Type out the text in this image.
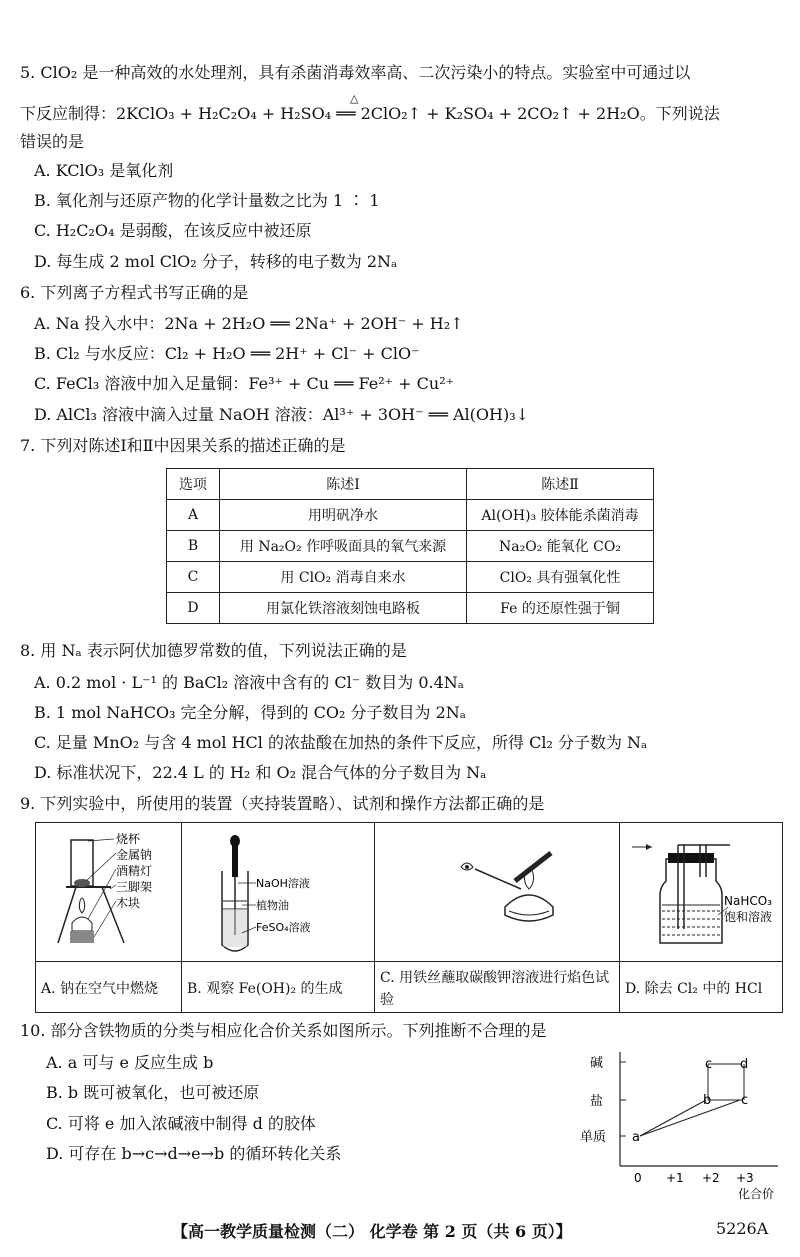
5. ClO₂ 是一种高效的水处理剂，具有杀菌消毒效率高、二次污染小的特点。实验室中可通过以
下反应制得：2KClO₃ + H₂C₂O₄ + H₂SO₄ ══ 2ClO₂↑ + K₂SO₄ + 2CO₂↑ + 2H₂O。下列说法
△
错误的是
A. KClO₃ 是氧化剂
B. 氧化剂与还原产物的化学计量数之比为 1 ∶ 1
C. H₂C₂O₄ 是弱酸，在该反应中被还原
D. 每生成 2 mol ClO₂ 分子，转移的电子数为 2Nₐ
6. 下列离子方程式书写正确的是
A. Na 投入水中：2Na + 2H₂O ══ 2Na⁺ + 2OH⁻ + H₂↑
B. Cl₂ 与水反应：Cl₂ + H₂O ══ 2H⁺ + Cl⁻ + ClO⁻
C. FeCl₃ 溶液中加入足量铜：Fe³⁺ + Cu ══ Fe²⁺ + Cu²⁺
D. AlCl₃ 溶液中滴入过量 NaOH 溶液：Al³⁺ + 3OH⁻ ══ Al(OH)₃↓
7. 下列对陈述Ⅰ和Ⅱ中因果关系的描述正确的是
选项	陈述Ⅰ	陈述Ⅱ
A	用明矾净水	Al(OH)₃ 胶体能杀菌消毒
B	用 Na₂O₂ 作呼吸面具的氧气来源	Na₂O₂ 能氧化 CO₂
C	用 ClO₂ 消毒自来水	ClO₂ 具有强氧化性
D	用氯化铁溶液刻蚀电路板	Fe 的还原性强于铜
8. 用 Nₐ 表示阿伏加德罗常数的值，下列说法正确的是
A. 0.2 mol · L⁻¹ 的 BaCl₂ 溶液中含有的 Cl⁻ 数目为 0.4Nₐ
B. 1 mol NaHCO₃ 完全分解，得到的 CO₂ 分子数目为 2Nₐ
C. 足量 MnO₂ 与含 4 mol HCl 的浓盐酸在加热的条件下反应，所得 Cl₂ 分子数为 Nₐ
D. 标准状况下，22.4 L 的 H₂ 和 O₂ 混合气体的分子数目为 Nₐ
9. 下列实验中，所使用的装置（夹持装置略）、试剂和操作方法都正确的是
烧杯
金属钠
酒精灯
三脚架
木块	NaOH溶液
植物油
FeSO₄溶液		NaHCO₃
饱和溶液

A. 钠在空气中燃烧	B. 观察 Fe(OH)₂ 的生成	C. 用铁丝蘸取碳酸钾溶液进行焰色试验	D. 除去 Cl₂ 中的 HCl
10. 部分含铁物质的分类与相应化合价关系如图所示。下列推断不合理的是
A. a 可与 e 反应生成 b
B. b 既可被氧化，也可被还原
C. 可将 e 加入浓碱液中制得 d 的胶体
D. 可存在 b→c→d→e→b 的循环转化关系
碱
盐
单质
0 +1 +2 +3
化合价
a
b
c d
c
【高一教学质量检测（二） 化学卷 第 2 页（共 6 页）】	5226A
